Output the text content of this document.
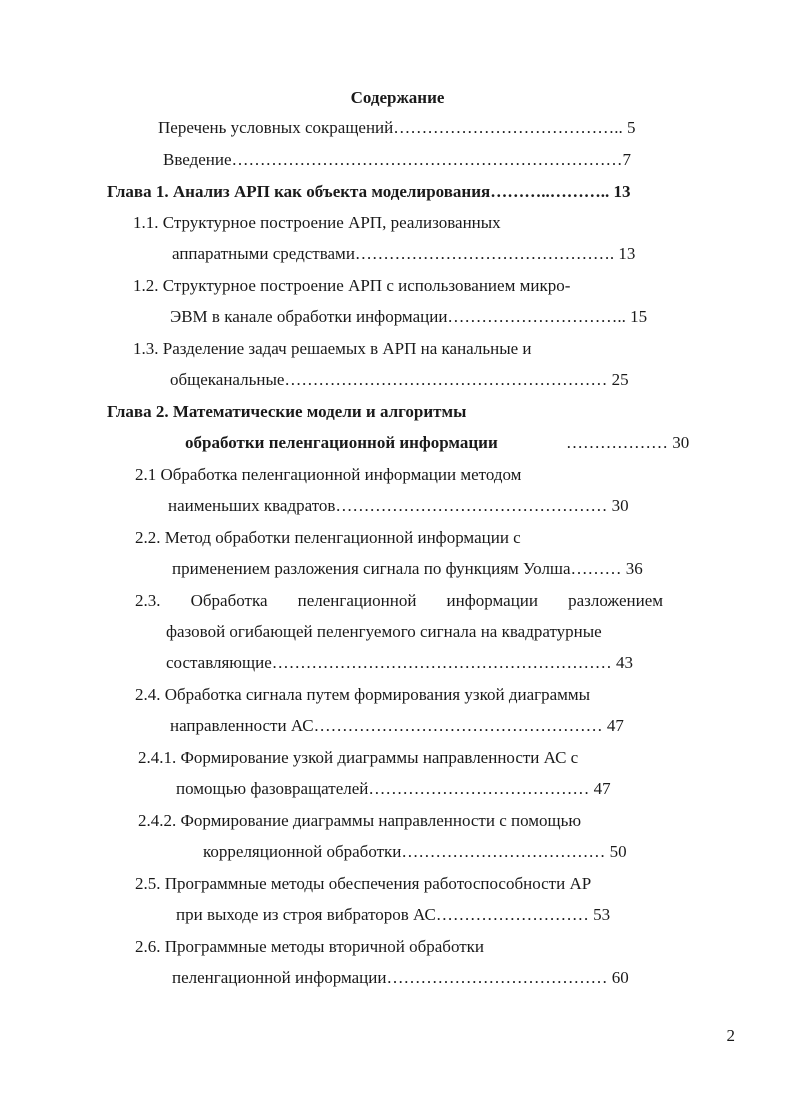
Содержание
Перечень условных сокращений………………………………….. 5
Введение……………………………………………………………7
Глава 1. Анализ АРП как объекта моделирования………..……….. 13
1.1. Структурное построение АРП, реализованных
аппаратными средствами………………………………………. 13
1.2. Структурное построение АРП с использованием микро-
ЭВМ в канале обработки информации………………………….. 15
1.3. Разделение задач решаемых в АРП на канальные и
общеканальные………………………………………………… 25
Глава 2. Математические модели и алгоритмы
обработки пеленгационной информации	……………… 30
2.1 Обработка пеленгационной информации методом
наименьших квадратов………………………………………… 30
2.2. Метод обработки пеленгационной информации с
применением разложения сигнала по функциям Уолша……… 36
2.3. Обработка пеленгационной информации разложением
фазовой огибающей пеленгуемого сигнала на квадратурные
составляющие…………………………………………………… 43
2.4. Обработка сигнала путем формирования узкой диаграммы
направленности АС…………………………………………… 47
2.4.1. Формирование узкой диаграммы направленности АС с
помощью фазовращателей………………………………… 47
2.4.2. Формирование диаграммы направленности с помощью
корреляционной обработки……………………………… 50
2.5. Программные методы обеспечения работоспособности АР
при выходе из строя вибраторов АС……………………… 53
2.6. Программные методы вторичной обработки
пеленгационной информации………………………………… 60
2
